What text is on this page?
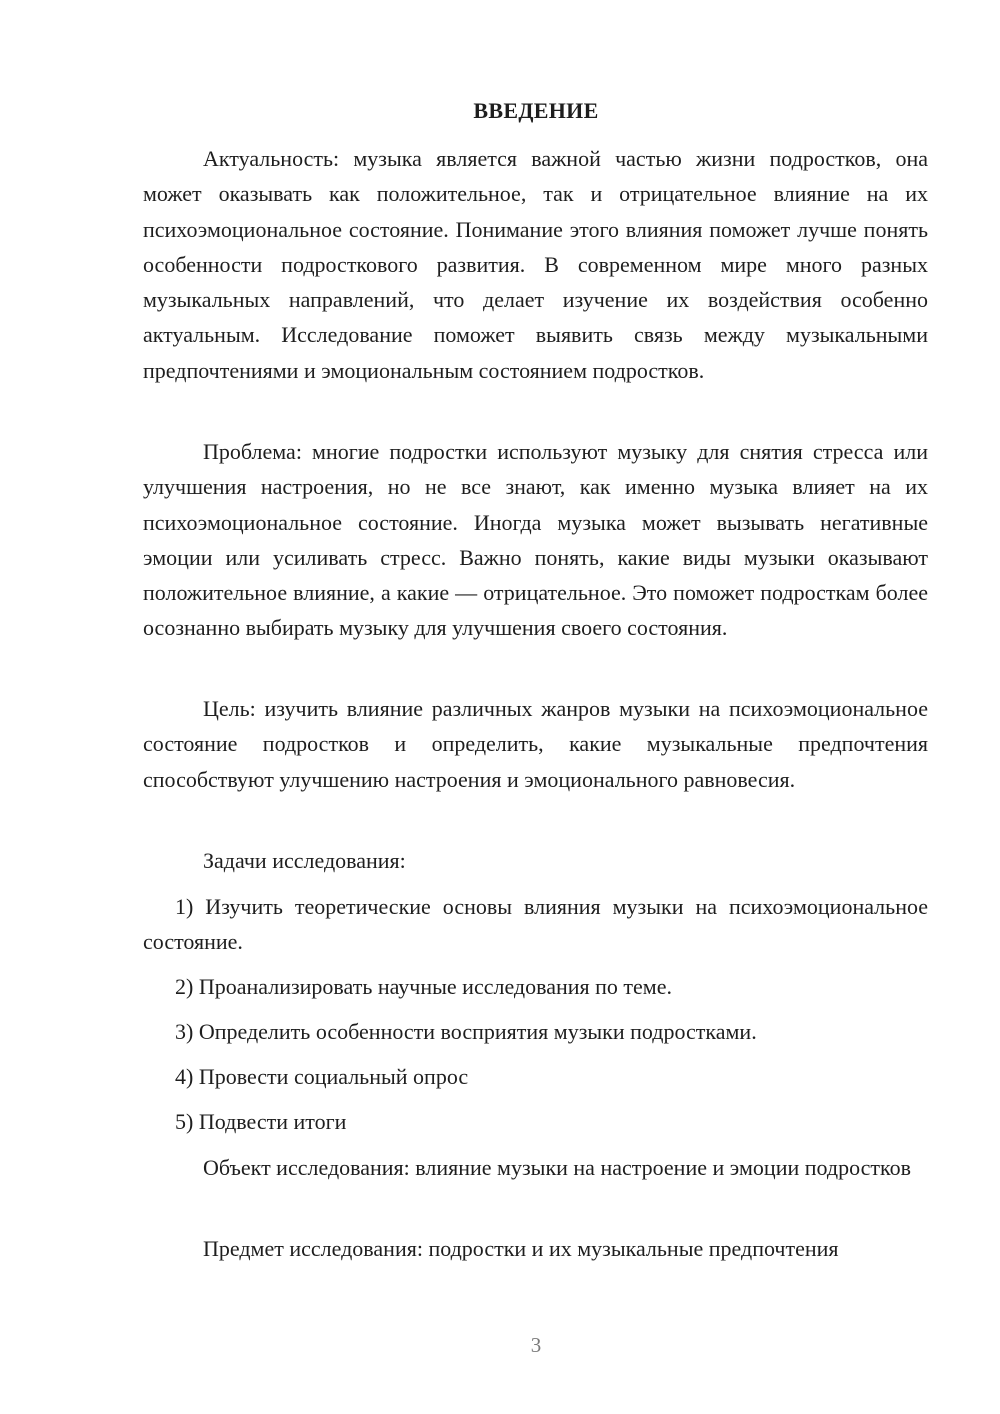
ВВЕДЕНИЕ

Актуальность: музыка является важной частью жизни подростков, она может оказывать как положительное, так и отрицательное влияние на их психоэмоциональное состояние. Понимание этого влияния поможет лучше понять особенности подросткового развития. В современном мире много разных музыкальных направлений, что делает изучение их воздействия особенно актуальным. Исследование поможет выявить связь между музыкальными предпочтениями и эмоциональным состоянием подростков.

Проблема: многие подростки используют музыку для снятия стресса или улучшения настроения, но не все знают, как именно музыка влияет на их психоэмоциональное состояние. Иногда музыка может вызывать негативные эмоции или усиливать стресс. Важно понять, какие виды музыки оказывают положительное влияние, а какие — отрицательное. Это поможет подросткам более осознанно выбирать музыку для улучшения своего состояния.

Цель: изучить влияние различных жанров музыки на психоэмоциональное состояние подростков и определить, какие музыкальные предпочтения способствуют улучшению настроения и эмоционального равновесия.

Задачи исследования:

1) Изучить теоретические основы влияния музыки на психоэмоциональное состояние.

2) Проанализировать научные исследования по теме.

3) Определить особенности восприятия музыки подростками.

4) Провести социальный опрос

5) Подвести итоги

Объект исследования: влияние музыки на настроение и эмоции подростков

Предмет исследования: подростки и их музыкальные предпочтения

3
